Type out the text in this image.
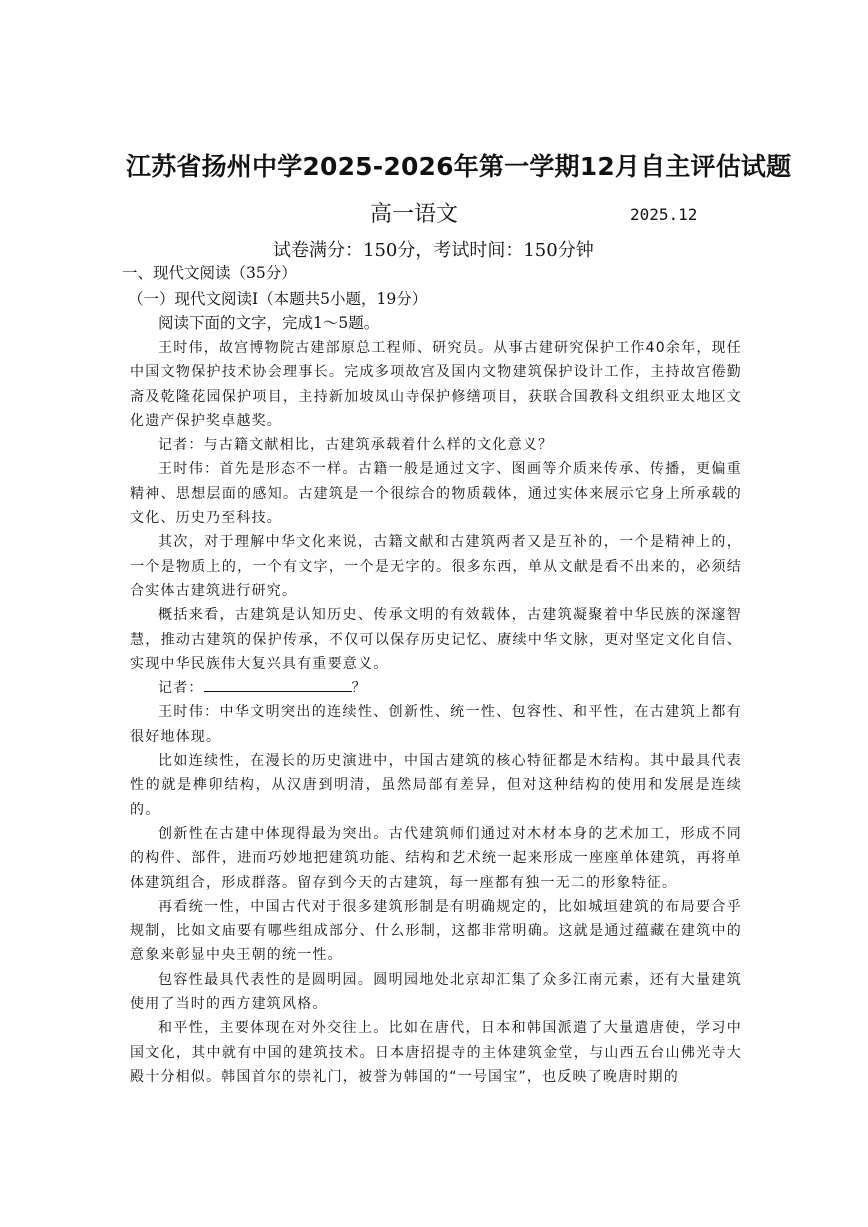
江苏省扬州中学2025-2026年第一学期12月自主评估试题
高一语文	2025.12
试卷满分：150分，考试时间：150分钟
一、现代文阅读（35分）
（一）现代文阅读Ⅰ（本题共5小题，19分）
阅读下面的文字，完成1～5题。

王时伟，故宫博物院古建部原总工程师、研究员。从事古建研究保护工作40余年，现任中国文物保护技术协会理事长。完成多项故宫及国内文物建筑保护设计工作，主持故宫倦勤斋及乾隆花园保护项目，主持新加坡凤山寺保护修缮项目，获联合国教科文组织亚太地区文化遗产保护奖卓越奖。

记者：与古籍文献相比，古建筑承载着什么样的文化意义？

王时伟：首先是形态不一样。古籍一般是通过文字、图画等介质来传承、传播，更偏重精神、思想层面的感知。古建筑是一个很综合的物质载体，通过实体来展示它身上所承载的文化、历史乃至科技。

其次，对于理解中华文化来说，古籍文献和古建筑两者又是互补的，一个是精神上的，一个是物质上的，一个有文字，一个是无字的。很多东西，单从文献是看不出来的，必须结合实体古建筑进行研究。

概括来看，古建筑是认知历史、传承文明的有效载体，古建筑凝聚着中华民族的深邃智慧，推动古建筑的保护传承，不仅可以保存历史记忆、赓续中华文脉，更对坚定文化自信、实现中华民族伟大复兴具有重要意义。

记者：	？

王时伟：中华文明突出的连续性、创新性、统一性、包容性、和平性，在古建筑上都有很好地体现。

比如连续性，在漫长的历史演进中，中国古建筑的核心特征都是木结构。其中最具代表性的就是榫卯结构，从汉唐到明清，虽然局部有差异，但对这种结构的使用和发展是连续的。

创新性在古建中体现得最为突出。古代建筑师们通过对木材本身的艺术加工，形成不同的构件、部件，进而巧妙地把建筑功能、结构和艺术统一起来形成一座座单体建筑，再将单体建筑组合，形成群落。留存到今天的古建筑，每一座都有独一无二的形象特征。

再看统一性，中国古代对于很多建筑形制是有明确规定的，比如城垣建筑的布局要合乎规制，比如文庙要有哪些组成部分、什么形制，这都非常明确。这就是通过蕴藏在建筑中的意象来彰显中央王朝的统一性。

包容性最具代表性的是圆明园。圆明园地处北京却汇集了众多江南元素，还有大量建筑使用了当时的西方建筑风格。

和平性，主要体现在对外交往上。比如在唐代，日本和韩国派遣了大量遣唐使，学习中国文化，其中就有中国的建筑技术。日本唐招提寺的主体建筑金堂，与山西五台山佛光寺大殿十分相似。韩国首尔的崇礼门，被誉为韩国的“一号国宝”，也反映了晚唐时期的
